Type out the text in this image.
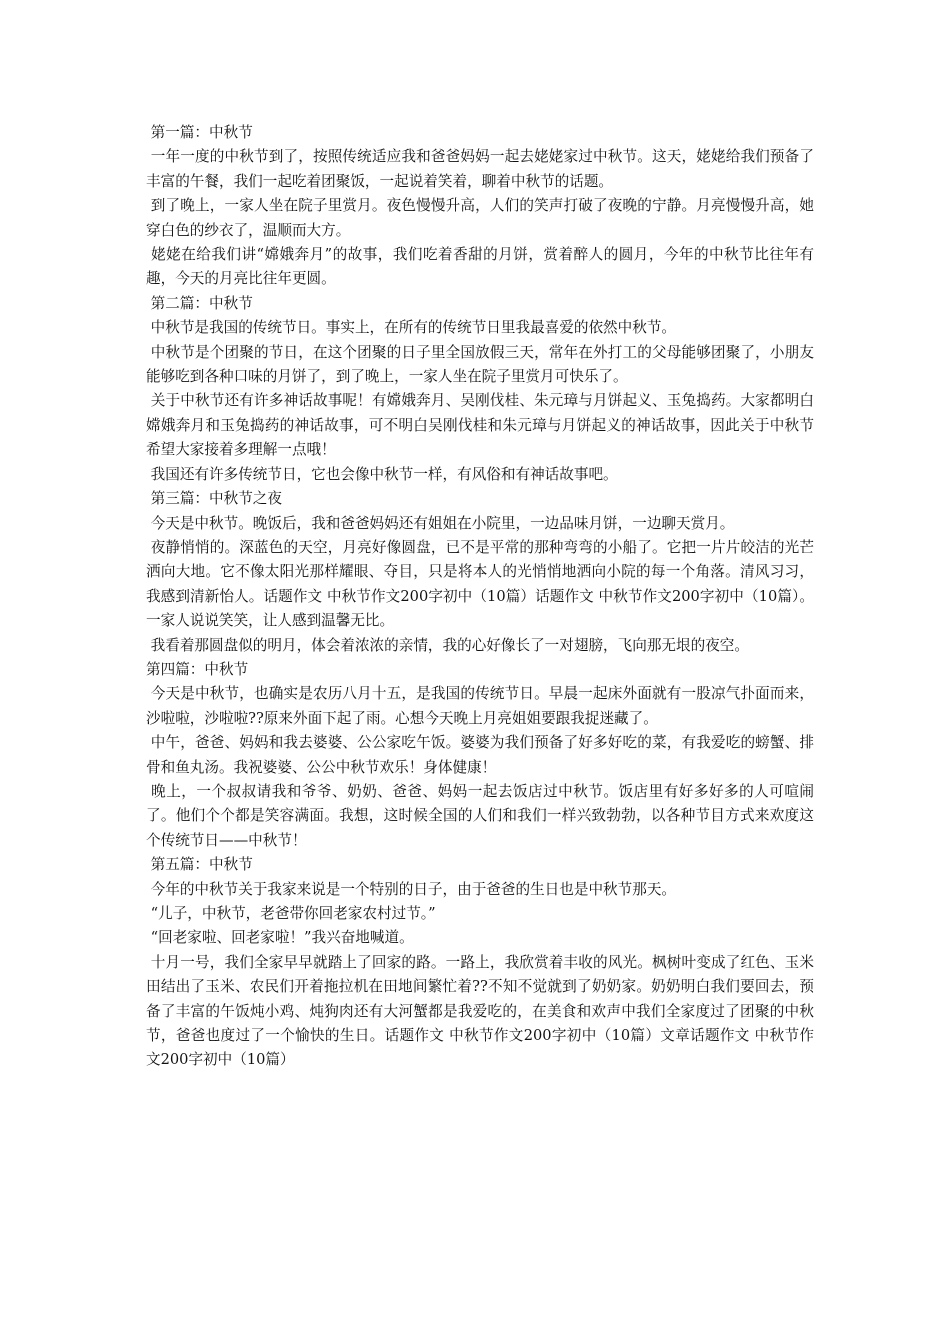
第一篇：中秋节

一年一度的中秋节到了，按照传统适应我和爸爸妈妈一起去姥姥家过中秋节。这天，姥姥给我们预备了丰富的午餐，我们一起吃着团聚饭，一起说着笑着，聊着中秋节的话题。

到了晚上，一家人坐在院子里赏月。夜色慢慢升高，人们的笑声打破了夜晚的宁静。月亮慢慢升高，她穿白色的纱衣了，温顺而大方。

姥姥在给我们讲“嫦娥奔月”的故事，我们吃着香甜的月饼，赏着醉人的圆月，今年的中秋节比往年有趣，今天的月亮比往年更圆。

第二篇：中秋节

中秋节是我国的传统节日。事实上，在所有的传统节日里我最喜爱的依然中秋节。

中秋节是个团聚的节日，在这个团聚的日子里全国放假三天，常年在外打工的父母能够团聚了，小朋友能够吃到各种口味的月饼了，到了晚上，一家人坐在院子里赏月可快乐了。

关于中秋节还有许多神话故事呢！有嫦娥奔月、吴刚伐桂、朱元璋与月饼起义、玉兔捣药。大家都明白嫦娥奔月和玉兔捣药的神话故事，可不明白吴刚伐桂和朱元璋与月饼起义的神话故事，因此关于中秋节希望大家接着多理解一点哦！

我国还有许多传统节日，它也会像中秋节一样，有风俗和有神话故事吧。

第三篇：中秋节之夜

今天是中秋节。晚饭后，我和爸爸妈妈还有姐姐在小院里，一边品味月饼，一边聊天赏月。

夜静悄悄的。深蓝色的天空，月亮好像圆盘，已不是平常的那种弯弯的小船了。它把一片片皎洁的光芒洒向大地。它不像太阳光那样耀眼、夺目，只是将本人的光悄悄地洒向小院的每一个角落。清风习习，我感到清新怡人。话题作文 中秋节作文200字初中（10篇）话题作文 中秋节作文200字初中（10篇）。一家人说说笑笑，让人感到温馨无比。

我看着那圆盘似的明月，体会着浓浓的亲情，我的心好像长了一对翅膀，飞向那无垠的夜空。

第四篇：中秋节

今天是中秋节，也确实是农历八月十五，是我国的传统节日。早晨一起床外面就有一股凉气扑面而来，沙啦啦，沙啦啦??原来外面下起了雨。心想今天晚上月亮姐姐要跟我捉迷藏了。

中午，爸爸、妈妈和我去婆婆、公公家吃午饭。婆婆为我们预备了好多好吃的菜，有我爱吃的螃蟹、排骨和鱼丸汤。我祝婆婆、公公中秋节欢乐！身体健康！

晚上，一个叔叔请我和爷爷、奶奶、爸爸、妈妈一起去饭店过中秋节。饭店里有好多好多的人可喧闹了。他们个个都是笑容满面。我想，这时候全国的人们和我们一样兴致勃勃，以各种节目方式来欢度这个传统节日——中秋节！

第五篇：中秋节

今年的中秋节关于我家来说是一个特别的日子，由于爸爸的生日也是中秋节那天。

“儿子，中秋节，老爸带你回老家农村过节。”

“回老家啦、回老家啦！”我兴奋地喊道。

十月一号，我们全家早早就踏上了回家的路。一路上，我欣赏着丰收的风光。枫树叶变成了红色、玉米田结出了玉米、农民们开着拖拉机在田地间繁忙着??不知不觉就到了奶奶家。奶奶明白我们要回去，预备了丰富的午饭炖小鸡、炖狗肉还有大河蟹都是我爱吃的，在美食和欢声中我们全家度过了团聚的中秋节，爸爸也度过了一个愉快的生日。话题作文 中秋节作文200字初中（10篇）文章话题作文 中秋节作文200字初中（10篇）
